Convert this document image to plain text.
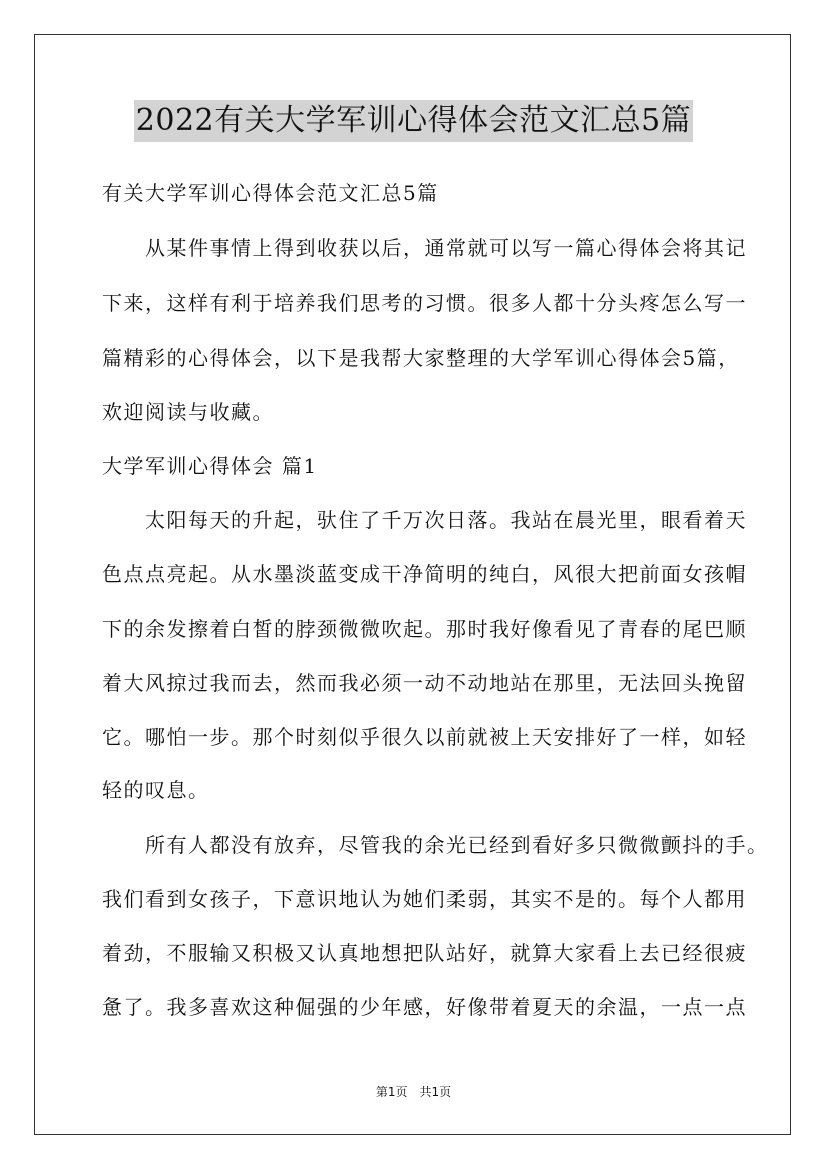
2022有关大学军训心得体会范文汇总5篇
有关大学军训心得体会范文汇总5篇
　　从某件事情上得到收获以后，通常就可以写一篇心得体会将其记
下来，这样有利于培养我们思考的习惯。很多人都十分头疼怎么写一
篇精彩的心得体会，以下是我帮大家整理的大学军训心得体会5篇，
欢迎阅读与收藏。
大学军训心得体会 篇1
　　太阳每天的升起，驮住了千万次日落。我站在晨光里，眼看着天
色点点亮起。从水墨淡蓝变成干净简明的纯白，风很大把前面女孩帽
下的余发擦着白皙的脖颈微微吹起。那时我好像看见了青春的尾巴顺
着大风掠过我而去，然而我必须一动不动地站在那里，无法回头挽留
它。哪怕一步。那个时刻似乎很久以前就被上天安排好了一样，如轻
轻的叹息。
　　所有人都没有放弃，尽管我的余光已经到看好多只微微颤抖的手。
我们看到女孩子，下意识地认为她们柔弱，其实不是的。每个人都用
着劲，不服输又积极又认真地想把队站好，就算大家看上去已经很疲
惫了。我多喜欢这种倔强的少年感，好像带着夏天的余温，一点一点
第1页　共1页
